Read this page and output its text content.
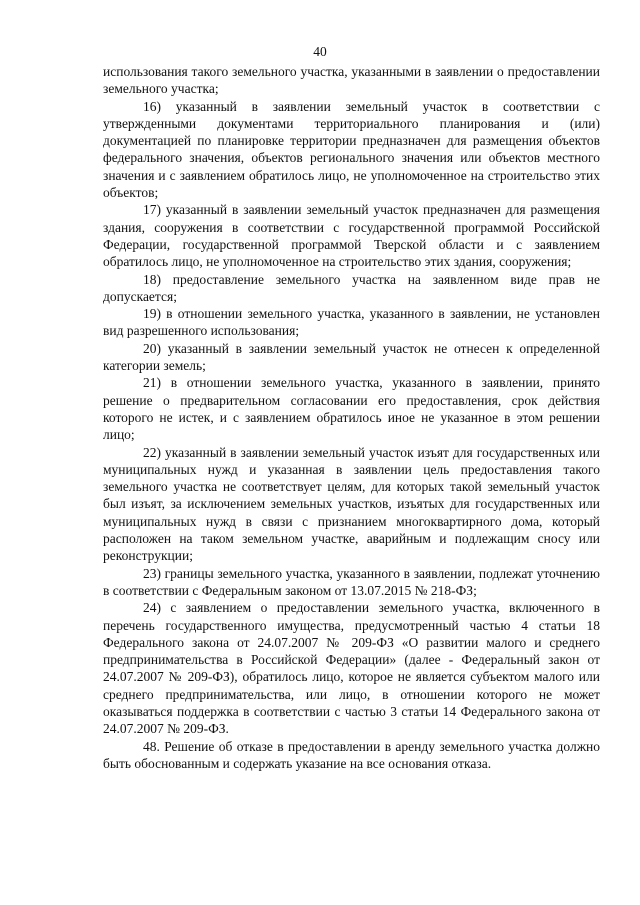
40

использования такого земельного участка, указанными в заявлении о предоставлении земельного участка;

16) указанный в заявлении земельный участок в соответствии с утвержденными документами территориального планирования и (или) документацией по планировке территории предназначен для размещения объектов федерального значения, объектов регионального значения или объектов местного значения и с заявлением обратилось лицо, не уполномоченное на строительство этих объектов;

17) указанный в заявлении земельный участок предназначен для размещения здания, сооружения в соответствии с государственной программой Российской Федерации, государственной программой Тверской области и с заявлением обратилось лицо, не уполномоченное на строительство этих здания, сооружения;

18) предоставление земельного участка на заявленном виде прав не допускается;

19) в отношении земельного участка, указанного в заявлении, не установлен вид разрешенного использования;

20) указанный в заявлении земельный участок не отнесен к определенной категории земель;

21) в отношении земельного участка, указанного в заявлении, принято решение о предварительном согласовании его предоставления, срок действия которого не истек, и с заявлением обратилось иное не указанное в этом решении лицо;

22) указанный в заявлении земельный участок изъят для государственных или муниципальных нужд и указанная в заявлении цель предоставления такого земельного участка не соответствует целям, для которых такой земельный участок был изъят, за исключением земельных участков, изъятых для государственных или муниципальных нужд в связи с признанием многоквартирного дома, который расположен на таком земельном участке, аварийным и подлежащим сносу или реконструкции;

23) границы земельного участка, указанного в заявлении, подлежат уточнению в соответствии с Федеральным законом от 13.07.2015 № 218-ФЗ;

24) с заявлением о предоставлении земельного участка, включенного в перечень государственного имущества, предусмотренный частью 4 статьи 18 Федерального закона от 24.07.2007 № 209-ФЗ «О развитии малого и среднего предпринимательства в Российской Федерации» (далее - Федеральный закон от 24.07.2007 № 209-ФЗ), обратилось лицо, которое не является субъектом малого или среднего предпринимательства, или лицо, в отношении которого не может оказываться поддержка в соответствии с частью 3 статьи 14 Федерального закона от 24.07.2007 № 209-ФЗ.

48. Решение об отказе в предоставлении в аренду земельного участка должно быть обоснованным и содержать указание на все основания отказа.
